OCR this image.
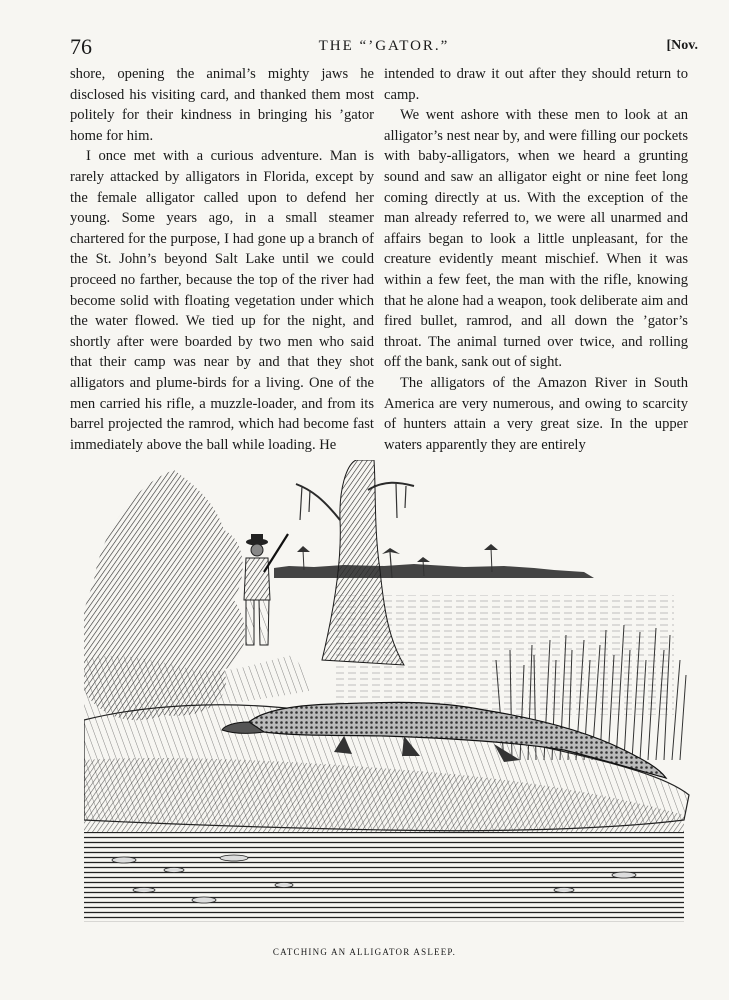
76	THE “’GATOR.”	[Nov.

shore, opening the animal’s mighty jaws he disclosed his visiting card, and thanked them most politely for their kindness in bringing his ’gator home for him.

I once met with a curious adventure. Man is rarely attacked by alligators in Florida, except by the female alligator called upon to defend her young. Some years ago, in a small steamer chartered for the purpose, I had gone up a branch of the St. John’s beyond Salt Lake until we could proceed no farther, because the top of the river had become solid with floating vegetation under which the water flowed. We tied up for the night, and shortly after were boarded by two men who said that their camp was near by and that they shot alligators and plume-birds for a living. One of the men carried his rifle, a muzzle-loader, and from its barrel projected the ramrod, which had become fast immediately above the ball while loading. He

intended to draw it out after they should return to camp.

We went ashore with these men to look at an alligator’s nest near by, and were filling our pockets with baby-alligators, when we heard a grunting sound and saw an alligator eight or nine feet long coming directly at us. With the exception of the man already referred to, we were all unarmed and affairs began to look a little unpleasant, for the creature evidently meant mischief. When it was within a few feet, the man with the rifle, knowing that he alone had a weapon, took deliberate aim and fired bullet, ramrod, and all down the ’gator’s throat. The animal turned over twice, and rolling off the bank, sank out of sight.

The alligators of the Amazon River in South America are very numerous, and owing to scarcity of hunters attain a very great size. In the upper waters apparently they are entirely

CATCHING AN ALLIGATOR ASLEEP.
